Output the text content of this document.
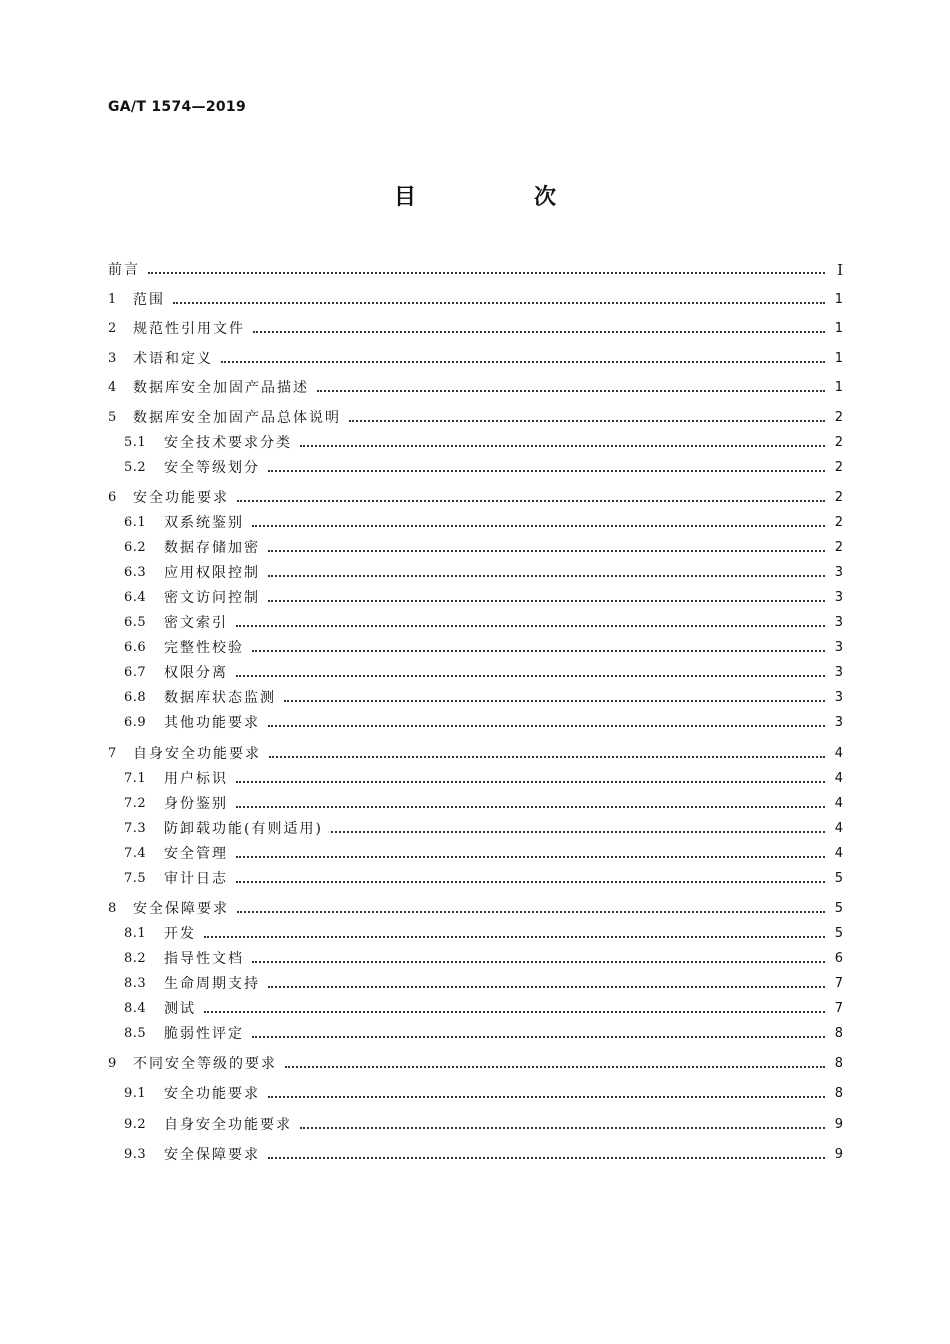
GA/T 1574—2019
目　次
前言	Ⅰ
1	范围	1
2	规范性引用文件	1
3	术语和定义	1
4	数据库安全加固产品描述	1
5	数据库安全加固产品总体说明	2
5.1	安全技术要求分类	2
5.2	安全等级划分	2
6	安全功能要求	2
6.1	双系统鉴别	2
6.2	数据存储加密	2
6.3	应用权限控制	3
6.4	密文访问控制	3
6.5	密文索引	3
6.6	完整性校验	3
6.7	权限分离	3
6.8	数据库状态监测	3
6.9	其他功能要求	3
7	自身安全功能要求	4
7.1	用户标识	4
7.2	身份鉴别	4
7.3	防卸载功能(有则适用)	4
7.4	安全管理	4
7.5	审计日志	5
8	安全保障要求	5
8.1	开发	5
8.2	指导性文档	6
8.3	生命周期支持	7
8.4	测试	7
8.5	脆弱性评定	8
9	不同安全等级的要求	8
9.1	安全功能要求	8
9.2	自身安全功能要求	9
9.3	安全保障要求	9
